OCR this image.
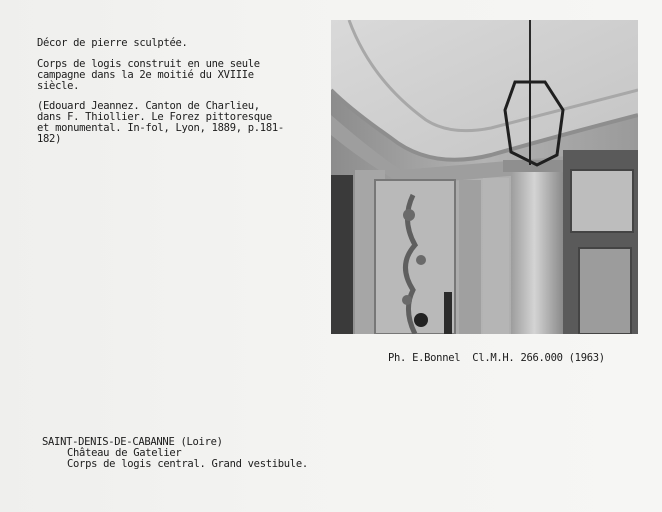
Décor de pierre sculptée.
Corps de logis construit en une seule
campagne dans la 2e moitié du XVIIIe
siècle.
(Edouard Jeannez. Canton de Charlieu,
dans F. Thiollier. Le Forez pittoresque
et monumental. In-fol, Lyon, 1889, p.181-
182)
Ph. E.Bonnel  Cl.M.H. 266.000 (1963)
SAINT-DENIS-DE-CABANNE (Loire)
Château de Gatelier
Corps de logis central. Grand vestibule.
